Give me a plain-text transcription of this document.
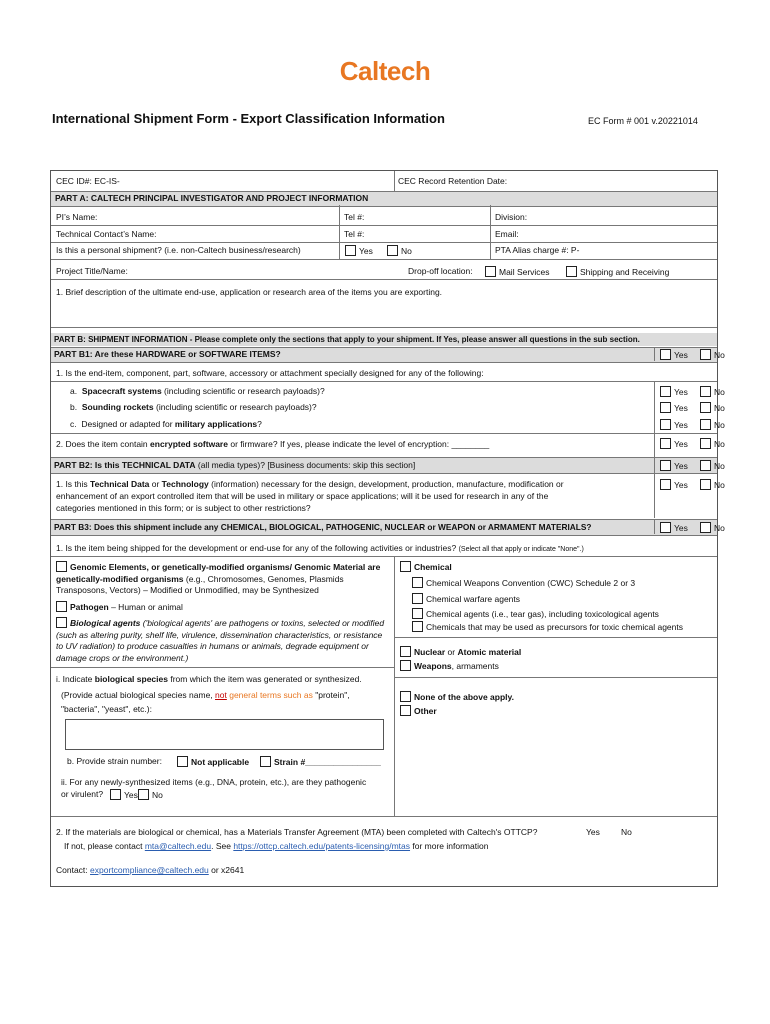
Caltech
International Shipment Form - Export Classification Information	EC Form # 001 v.20221014
CEC ID#: EC-IS-	CEC Record Retention Date:
PART A: CALTECH PRINCIPAL INVESTIGATOR AND PROJECT INFORMATION
PI’s Name:	Tel #:	Division:
Technical Contact’s Name:	Tel #:	Email:
Is this a personal shipment? (i.e. non-Caltech business/research)	Yes	No	PTA Alias charge #: P-
Project Title/Name:	Drop-off location:	Mail Services	Shipping and Receiving
1. Brief description of the ultimate end-use, application or research area of the items you are exporting.
PART B: SHIPMENT INFORMATION - Please complete only the sections that apply to your shipment. If Yes, please answer all questions in the sub section.
PART B1: Are these HARDWARE or SOFTWARE ITEMS?	Yes	No
1. Is the end-item, component, part, software, accessory or attachment specially designed for any of the following:
a. Spacecraft systems (including scientific or research payloads)?	Yes	No
b. Sounding rockets (including scientific or research payloads)?	Yes	No
c. Designed or adapted for military applications?	Yes	No
2. Does the item contain encrypted software or firmware? If yes, please indicate the level of encryption: ________	Yes	No
PART B2: Is this TECHNICAL DATA (all media types)? [Business documents: skip this section]	Yes	No
1. Is this Technical Data or Technology (information) necessary for the design, development, production, manufacture, modification or
enhancement of an export controlled item that will be used in military or space applications; will it be used for research in any of the
categories mentioned in this form; or is subject to other restrictions?
Yes	No
PART B3: Does this shipment include any CHEMICAL, BIOLOGICAL, PATHOGENIC, NUCLEAR or WEAPON or ARMAMENT MATERIALS?	Yes	No
1. Is the item being shipped for the development or end-use for any of the following activities or industries? (Select all that apply or indicate "None".)
Genomic Elements, or genetically-modified organisms/ Genomic Material are genetically-modified organisms (e.g., Chromosomes, Genomes, Plasmids Transposons, Vectors) – Modified or Unmodified, may be Synthesized
Pathogen – Human or animal
Biological agents ('biological agents' are pathogens or toxins, selected or modified (such as altering purity, shelf life, virulence, dissemination characteristics, or resistance to UV radiation) to produce casualties in humans or animals, degrade equipment or damage crops or the environment.)
i. Indicate biological species from which the item was generated or synthesized.
(Provide actual biological species name, not general terms such as "protein",
"bacteria", "yeast", etc.):
b. Provide strain number:	Not applicable	Strain #________________
ii. For any newly-synthesized items (e.g., DNA, protein, etc.), are they pathogenic
or virulent?	Yes	No
Chemical
Chemical Weapons Convention (CWC) Schedule 2 or 3
Chemical warfare agents
Chemical agents (i.e., tear gas), including toxicological agents
Chemicals that may be used as precursors for toxic chemical agents
Nuclear or Atomic material
Weapons, armaments
None of the above apply.
Other
2. If the materials are biological or chemical, has a Materials Transfer Agreement (MTA) been completed with Caltech's OTTCP?	Yes No
If not, please contact mta@caltech.edu. See https://ottcp.caltech.edu/patents-licensing/mtas for more information
Contact: exportcompliance@caltech.edu or x2641
